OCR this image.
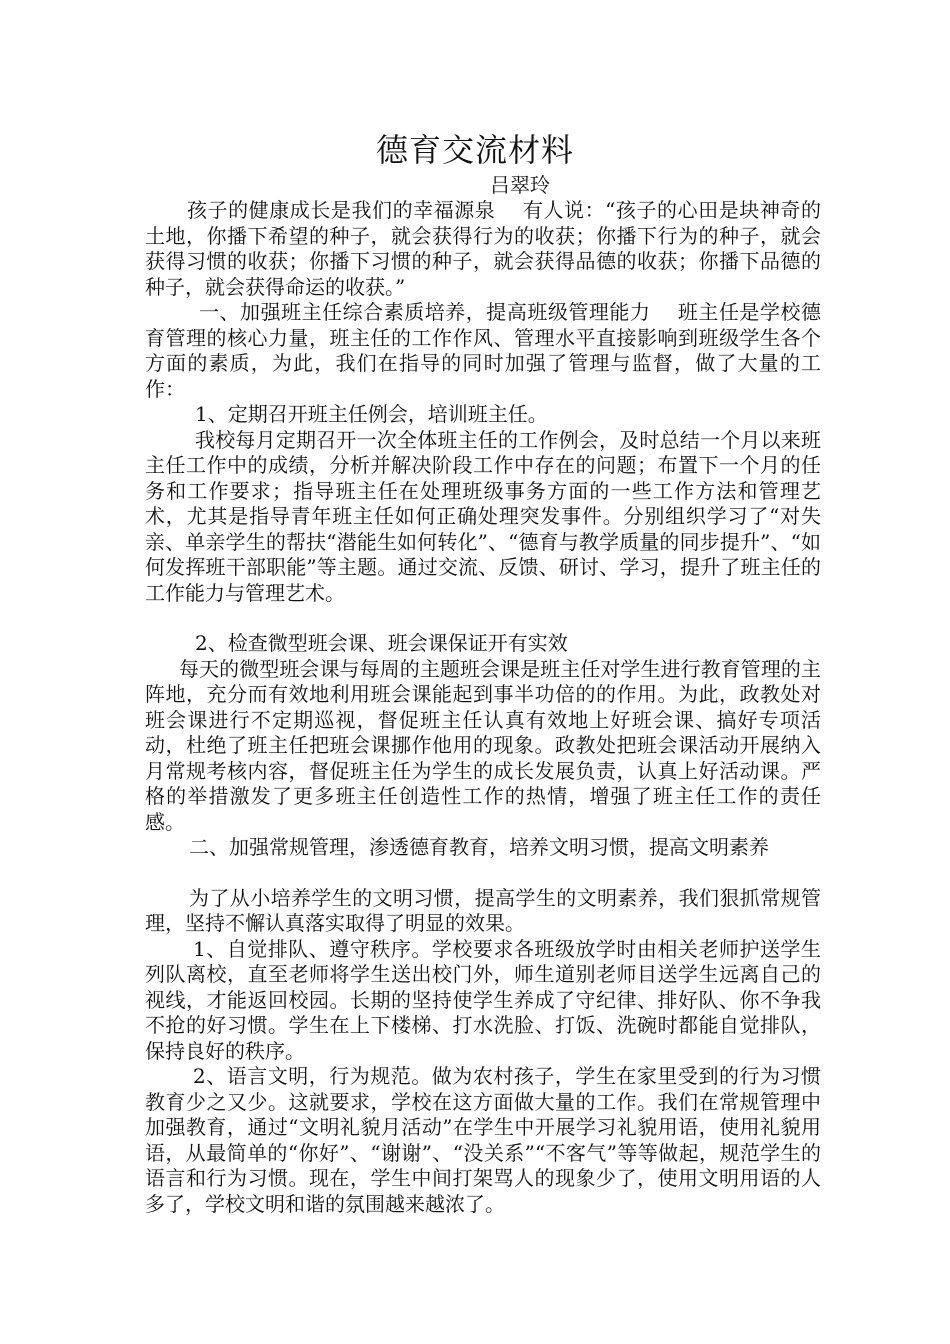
德育交流材料
吕翠玲

孩子的健康成长是我们的幸福源泉　 有人说：“孩子的心田是块神奇的土地，你播下希望的种子，就会获得行为的收获；你播下行为的种子，就会获得习惯的收获；你播下习惯的种子，就会获得品德的收获；你播下品德的种子，就会获得命运的收获。”

一、加强班主任综合素质培养，提高班级管理能力　 班主任是学校德育管理的核心力量，班主任的工作作风、管理水平直接影响到班级学生各个方面的素质，为此，我们在指导的同时加强了管理与监督，做了大量的工作：

1、定期召开班主任例会，培训班主任。

我校每月定期召开一次全体班主任的工作例会，及时总结一个月以来班主任工作中的成绩，分析并解决阶段工作中存在的问题；布置下一个月的任务和工作要求；指导班主任在处理班级事务方面的一些工作方法和管理艺术，尤其是指导青年班主任如何正确处理突发事件。分别组织学习了“对失亲、单亲学生的帮扶“潜能生如何转化”、“德育与教学质量的同步提升”、“如何发挥班干部职能”等主题。通过交流、反馈、研讨、学习，提升了班主任的工作能力与管理艺术。

2、检查微型班会课、班会课保证开有实效

每天的微型班会课与每周的主题班会课是班主任对学生进行教育管理的主阵地，充分而有效地利用班会课能起到事半功倍的的作用。为此，政教处对班会课进行不定期巡视，督促班主任认真有效地上好班会课、搞好专项活动，杜绝了班主任把班会课挪作他用的现象。政教处把班会课活动开展纳入月常规考核内容，督促班主任为学生的成长发展负责，认真上好活动课。严格的举措激发了更多班主任创造性工作的热情，增强了班主任工作的责任感。

二、加强常规管理，渗透德育教育，培养文明习惯，提高文明素养

为了从小培养学生的文明习惯，提高学生的文明素养，我们狠抓常规管理，坚持不懈认真落实取得了明显的效果。

1、自觉排队、遵守秩序。学校要求各班级放学时由相关老师护送学生列队离校，直至老师将学生送出校门外，师生道别老师目送学生远离自己的视线，才能返回校园。长期的坚持使学生养成了守纪律、排好队、你不争我不抢的好习惯。学生在上下楼梯、打水洗脸、打饭、洗碗时都能自觉排队，保持良好的秩序。

2、语言文明，行为规范。做为农村孩子，学生在家里受到的行为习惯教育少之又少。这就要求，学校在这方面做大量的工作。我们在常规管理中加强教育，通过“文明礼貌月活动”在学生中开展学习礼貌用语，使用礼貌用语，从最简单的“你好”、“谢谢”、“没关系”“不客气”等等做起，规范学生的语言和行为习惯。现在，学生中间打架骂人的现象少了，使用文明用语的人多了，学校文明和谐的氛围越来越浓了。
